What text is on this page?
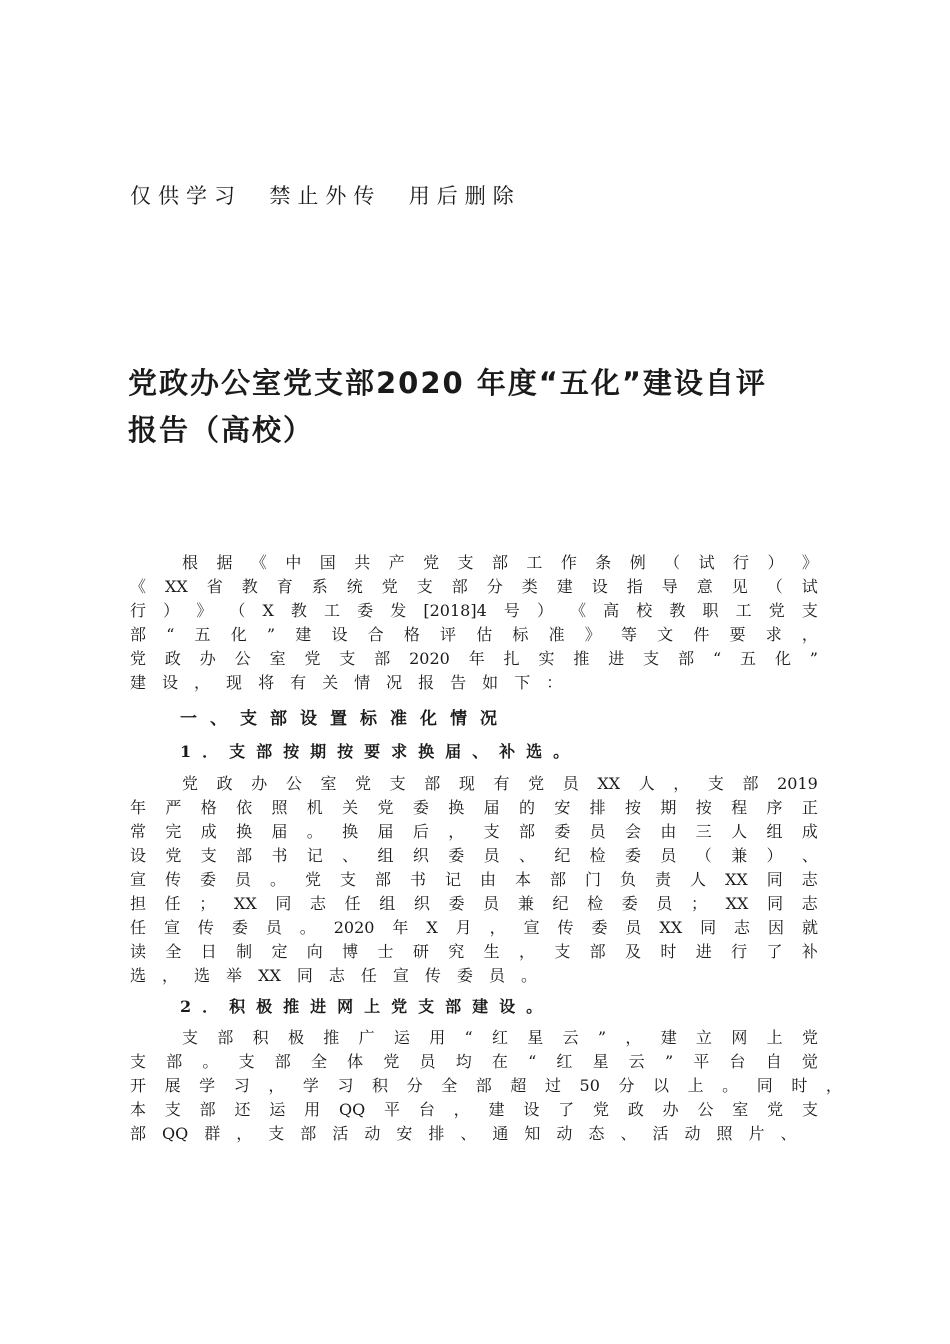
仅供学习  禁止外传  用后删除
党政办公室党支部2020 年度“五化”建设自评
报告（高校）
根 据 《 中 国 共 产 党 支 部 工 作 条 例 （ 试 行 ） 》
《 XX 省 教 育 系 统 党 支 部 分 类 建 设 指 导 意 见 （ 试
行 ） 》 （ X 教 工 委 发 [2018]4 号 ） 《 高 校 教 职 工 党 支
部 “ 五 化 ” 建 设 合 格 评 估 标 准 》 等 文 件 要 求 ，
党 政 办 公 室 党 支 部 2020 年 扎 实 推 进 支 部 “ 五 化 ”
建 设 ， 现 将 有 关 情 况 报 告 如 下 ：
一、支部设置标准化情况
1．支部按期按要求换届、补选。
党 政 办 公 室 党 支 部 现 有 党 员 XX 人 ， 支 部 2019
年 严 格 依 照 机 关 党 委 换 届 的 安 排 按 期 按 程 序 正
常 完 成 换 届 。 换 届 后 ， 支 部 委 员 会 由 三 人 组 成
设 党 支 部 书 记 、 组 织 委 员 、 纪 检 委 员 （ 兼 ） 、
宣 传 委 员 。 党 支 部 书 记 由 本 部 门 负 责 人 XX 同 志
担 任 ； XX 同 志 任 组 织 委 员 兼 纪 检 委 员 ； XX 同 志
任 宣 传 委 员 。 2020 年 X 月 ， 宣 传 委 员 XX 同 志 因 就
读 全 日 制 定 向 博 士 研 究 生 ， 支 部 及 时 进 行 了 补
选 ， 选 举 XX 同 志 任 宣 传 委 员 。
2．积极推进网上党支部建设。
支 部 积 极 推 广 运 用 “ 红 星 云 ” ， 建 立 网 上 党
支 部 。 支 部 全 体 党 员 均 在 “ 红 星 云 ” 平 台 自 觉
开 展 学 习 ， 学 习 积 分 全 部 超 过 50 分 以 上 。 同 时 ，
本 支 部 还 运 用 QQ 平 台 ， 建 设 了 党 政 办 公 室 党 支
部 QQ 群 ， 支 部 活 动 安 排 、 通 知 动 态 、 活 动 照 片 、
